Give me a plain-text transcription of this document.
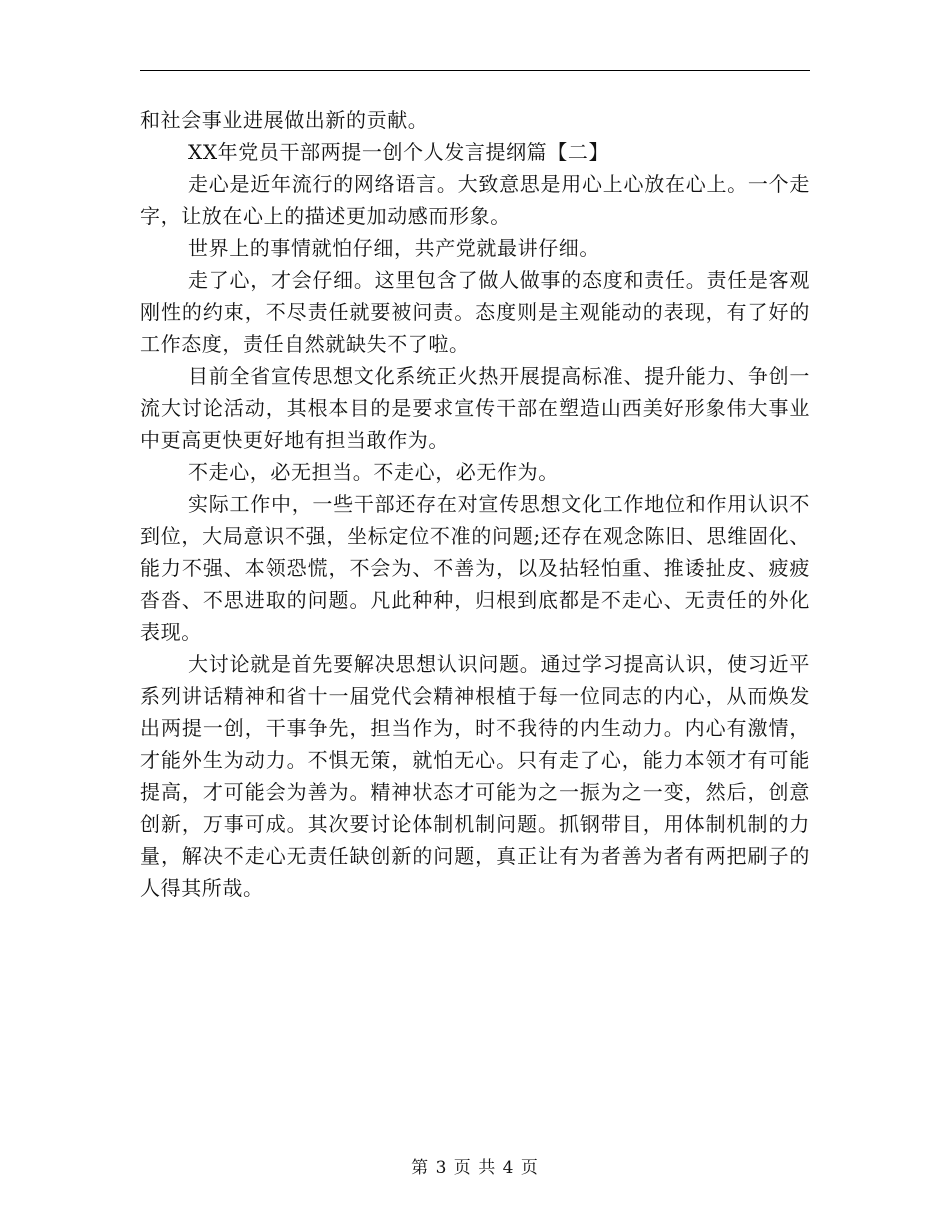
和社会事业进展做出新的贡献。

XX年党员干部两提一创个人发言提纲篇【二】

走心是近年流行的网络语言。大致意思是用心上心放在心上。一个走字，让放在心上的描述更加动感而形象。

世界上的事情就怕仔细，共产党就最讲仔细。

走了心，才会仔细。这里包含了做人做事的态度和责任。责任是客观刚性的约束，不尽责任就要被问责。态度则是主观能动的表现，有了好的工作态度，责任自然就缺失不了啦。

目前全省宣传思想文化系统正火热开展提高标准、提升能力、争创一流大讨论活动，其根本目的是要求宣传干部在塑造山西美好形象伟大事业中更高更快更好地有担当敢作为。

不走心，必无担当。不走心，必无作为。

实际工作中，一些干部还存在对宣传思想文化工作地位和作用认识不到位，大局意识不强，坐标定位不准的问题;还存在观念陈旧、思维固化、能力不强、本领恐慌，不会为、不善为，以及拈轻怕重、推诿扯皮、疲疲沓沓、不思进取的问题。凡此种种，归根到底都是不走心、无责任的外化表现。

大讨论就是首先要解决思想认识问题。通过学习提高认识，使习近平系列讲话精神和省十一届党代会精神根植于每一位同志的内心，从而焕发出两提一创，干事争先，担当作为，时不我待的内生动力。内心有激情，才能外生为动力。不惧无策，就怕无心。只有走了心，能力本领才有可能提高，才可能会为善为。精神状态才可能为之一振为之一变，然后，创意创新，万事可成。其次要讨论体制机制问题。抓钢带目，用体制机制的力量，解决不走心无责任缺创新的问题，真正让有为者善为者有两把刷子的人得其所哉。

第 3 页 共 4 页
